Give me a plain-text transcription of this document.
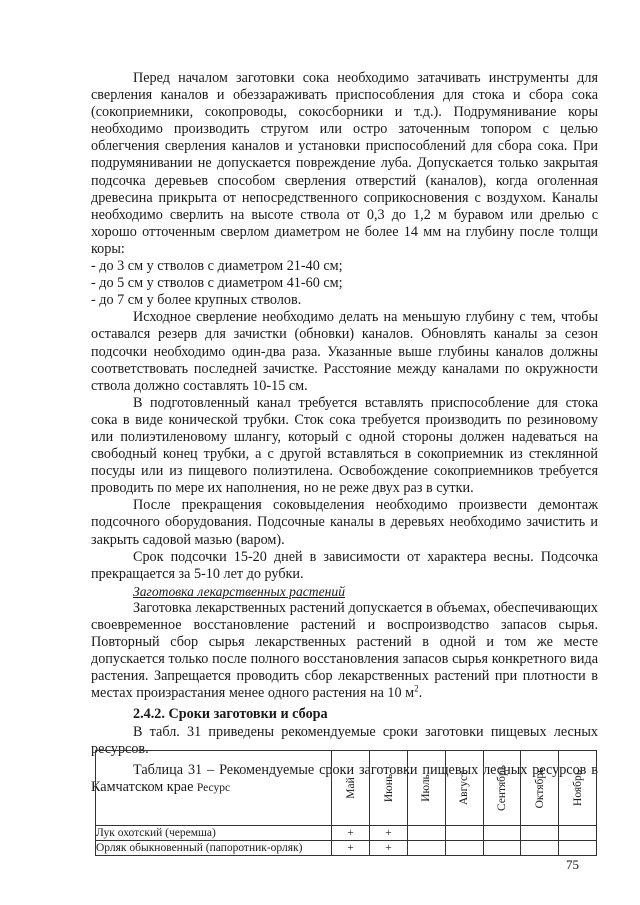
Перед началом заготовки сока необходимо затачивать инструменты для сверления каналов и обеззараживать приспособления для стока и сбора сока (сокоприемники, сокопроводы, сокосборники и т.д.). Подрумянивание коры необходимо производить стругом или остро заточенным топором с целью облегчения сверления каналов и установки приспособлений для сбора сока. При подрумянивании не допускается повреждение луба. Допускается только закрытая подсочка деревьев способом сверления отверстий (каналов), когда оголенная древесина прикрыта от непосредственного соприкосновения с воздухом. Каналы необходимо сверлить на высоте ствола от 0,3 до 1,2 м буравом или дрелью с хорошо отточенным сверлом диаметром не более 14 мм на глубину после толщи коры:

- до 3 см у стволов с диаметром 21-40 см;

- до 5 см у стволов с диаметром 41-60 см;

- до 7 см у более крупных стволов.

Исходное сверление необходимо делать на меньшую глубину с тем, чтобы оставался резерв для зачистки (обновки) каналов. Обновлять каналы за сезон подсочки необходимо один-два раза. Указанные выше глубины каналов должны соответствовать последней зачистке. Расстояние между каналами по окружности ствола должно составлять 10-15 см.

В подготовленный канал требуется вставлять приспособление для стока сока в виде конической трубки. Сток сока требуется производить по резиновому или полиэтиленовому шлангу, который с одной стороны должен надеваться на свободный конец трубки, а с другой вставляться в сокоприемник из стеклянной посуды или из пищевого полиэтилена. Освобождение сокоприемников требуется проводить по мере их наполнения, но не реже двух раз в сутки.

После прекращения соковыделения необходимо произвести демонтаж подсочного оборудования. Подсочные каналы в деревьях необходимо зачистить и закрыть садовой мазью (варом).

Срок подсочки 15-20 дней в зависимости от характера весны. Подсочка прекращается за 5-10 лет до рубки.

Заготовка лекарственных растений

Заготовка лекарственных растений допускается в объемах, обеспечивающих своевременное восстановление растений и воспроизводство запасов сырья. Повторный сбор сырья лекарственных растений в одной и том же месте допускается только после полного восстановления запасов сырья конкретного вида растения. Запрещается проводить сбор лекарственных растений при плотности в местах произрастания менее одного растения на 10 $м^2$.

2.4.2. Сроки заготовки и сбора

В табл. 31 приведены рекомендуемые сроки заготовки пищевых лесных ресурсов.

Таблица 31 – Рекомендуемые сроки заготовки пищевых лесных ресурсов в Камчатском крае Ресурс	Май	Июнь	Июль	Август	Сентябрь	Октябрь	Ноябрь

Лук охотский (черемша)	+	+					
Орляк обыкновенный (папоротник-орляк)	+	+					
75
